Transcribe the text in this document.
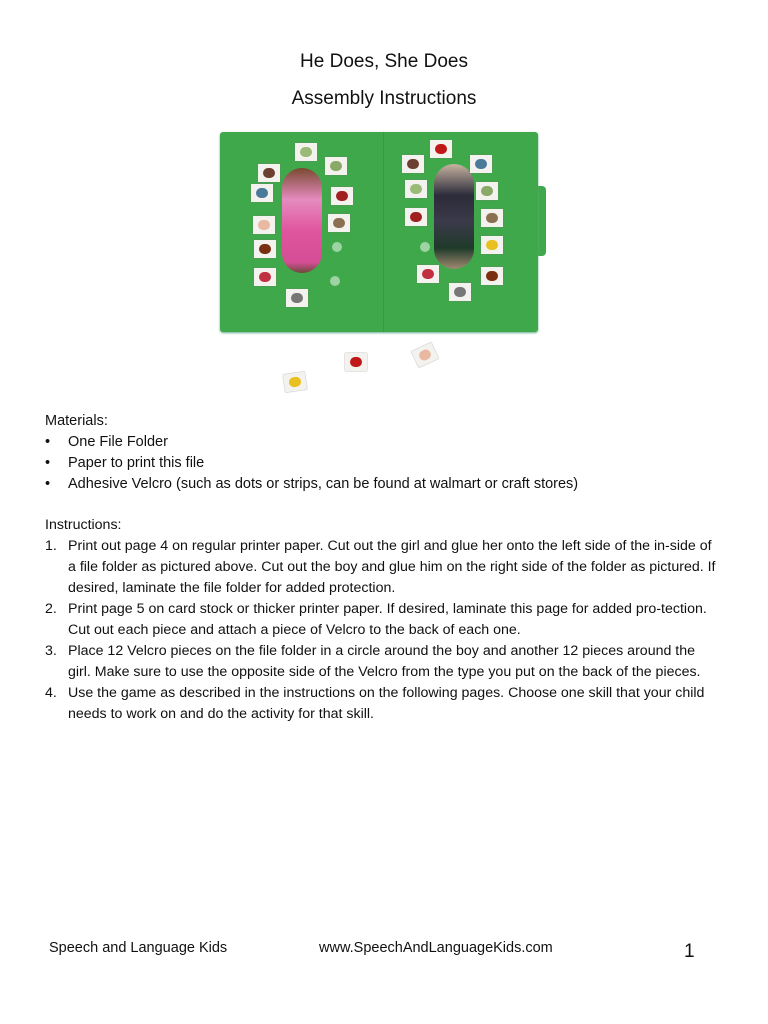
He Does, She Does
Assembly Instructions
Materials:
• One File Folder
• Paper to print this file
• Adhesive Velcro (such as dots or strips, can be found at walmart or craft stores)
Instructions:
1. Print out page 4 on regular printer paper. Cut out the girl and glue her onto the left side of the in-side of a file folder as pictured above. Cut out the boy and glue him on the right side of the folder as pictured. If desired, laminate the file folder for added protection.
2. Print page 5 on card stock or thicker printer paper. If desired, laminate this page for added pro-tection. Cut out each piece and attach a piece of Velcro to the back of each one.
3. Place 12 Velcro pieces on the file folder in a circle around the boy and another 12 pieces around the girl. Make sure to use the opposite side of the Velcro from the type you put on the back of the pieces.
4. Use the game as described in the instructions on the following pages. Choose one skill that your child needs to work on and do the activity for that skill.
Speech and Language Kids	www.SpeechAndLanguageKids.com	1
